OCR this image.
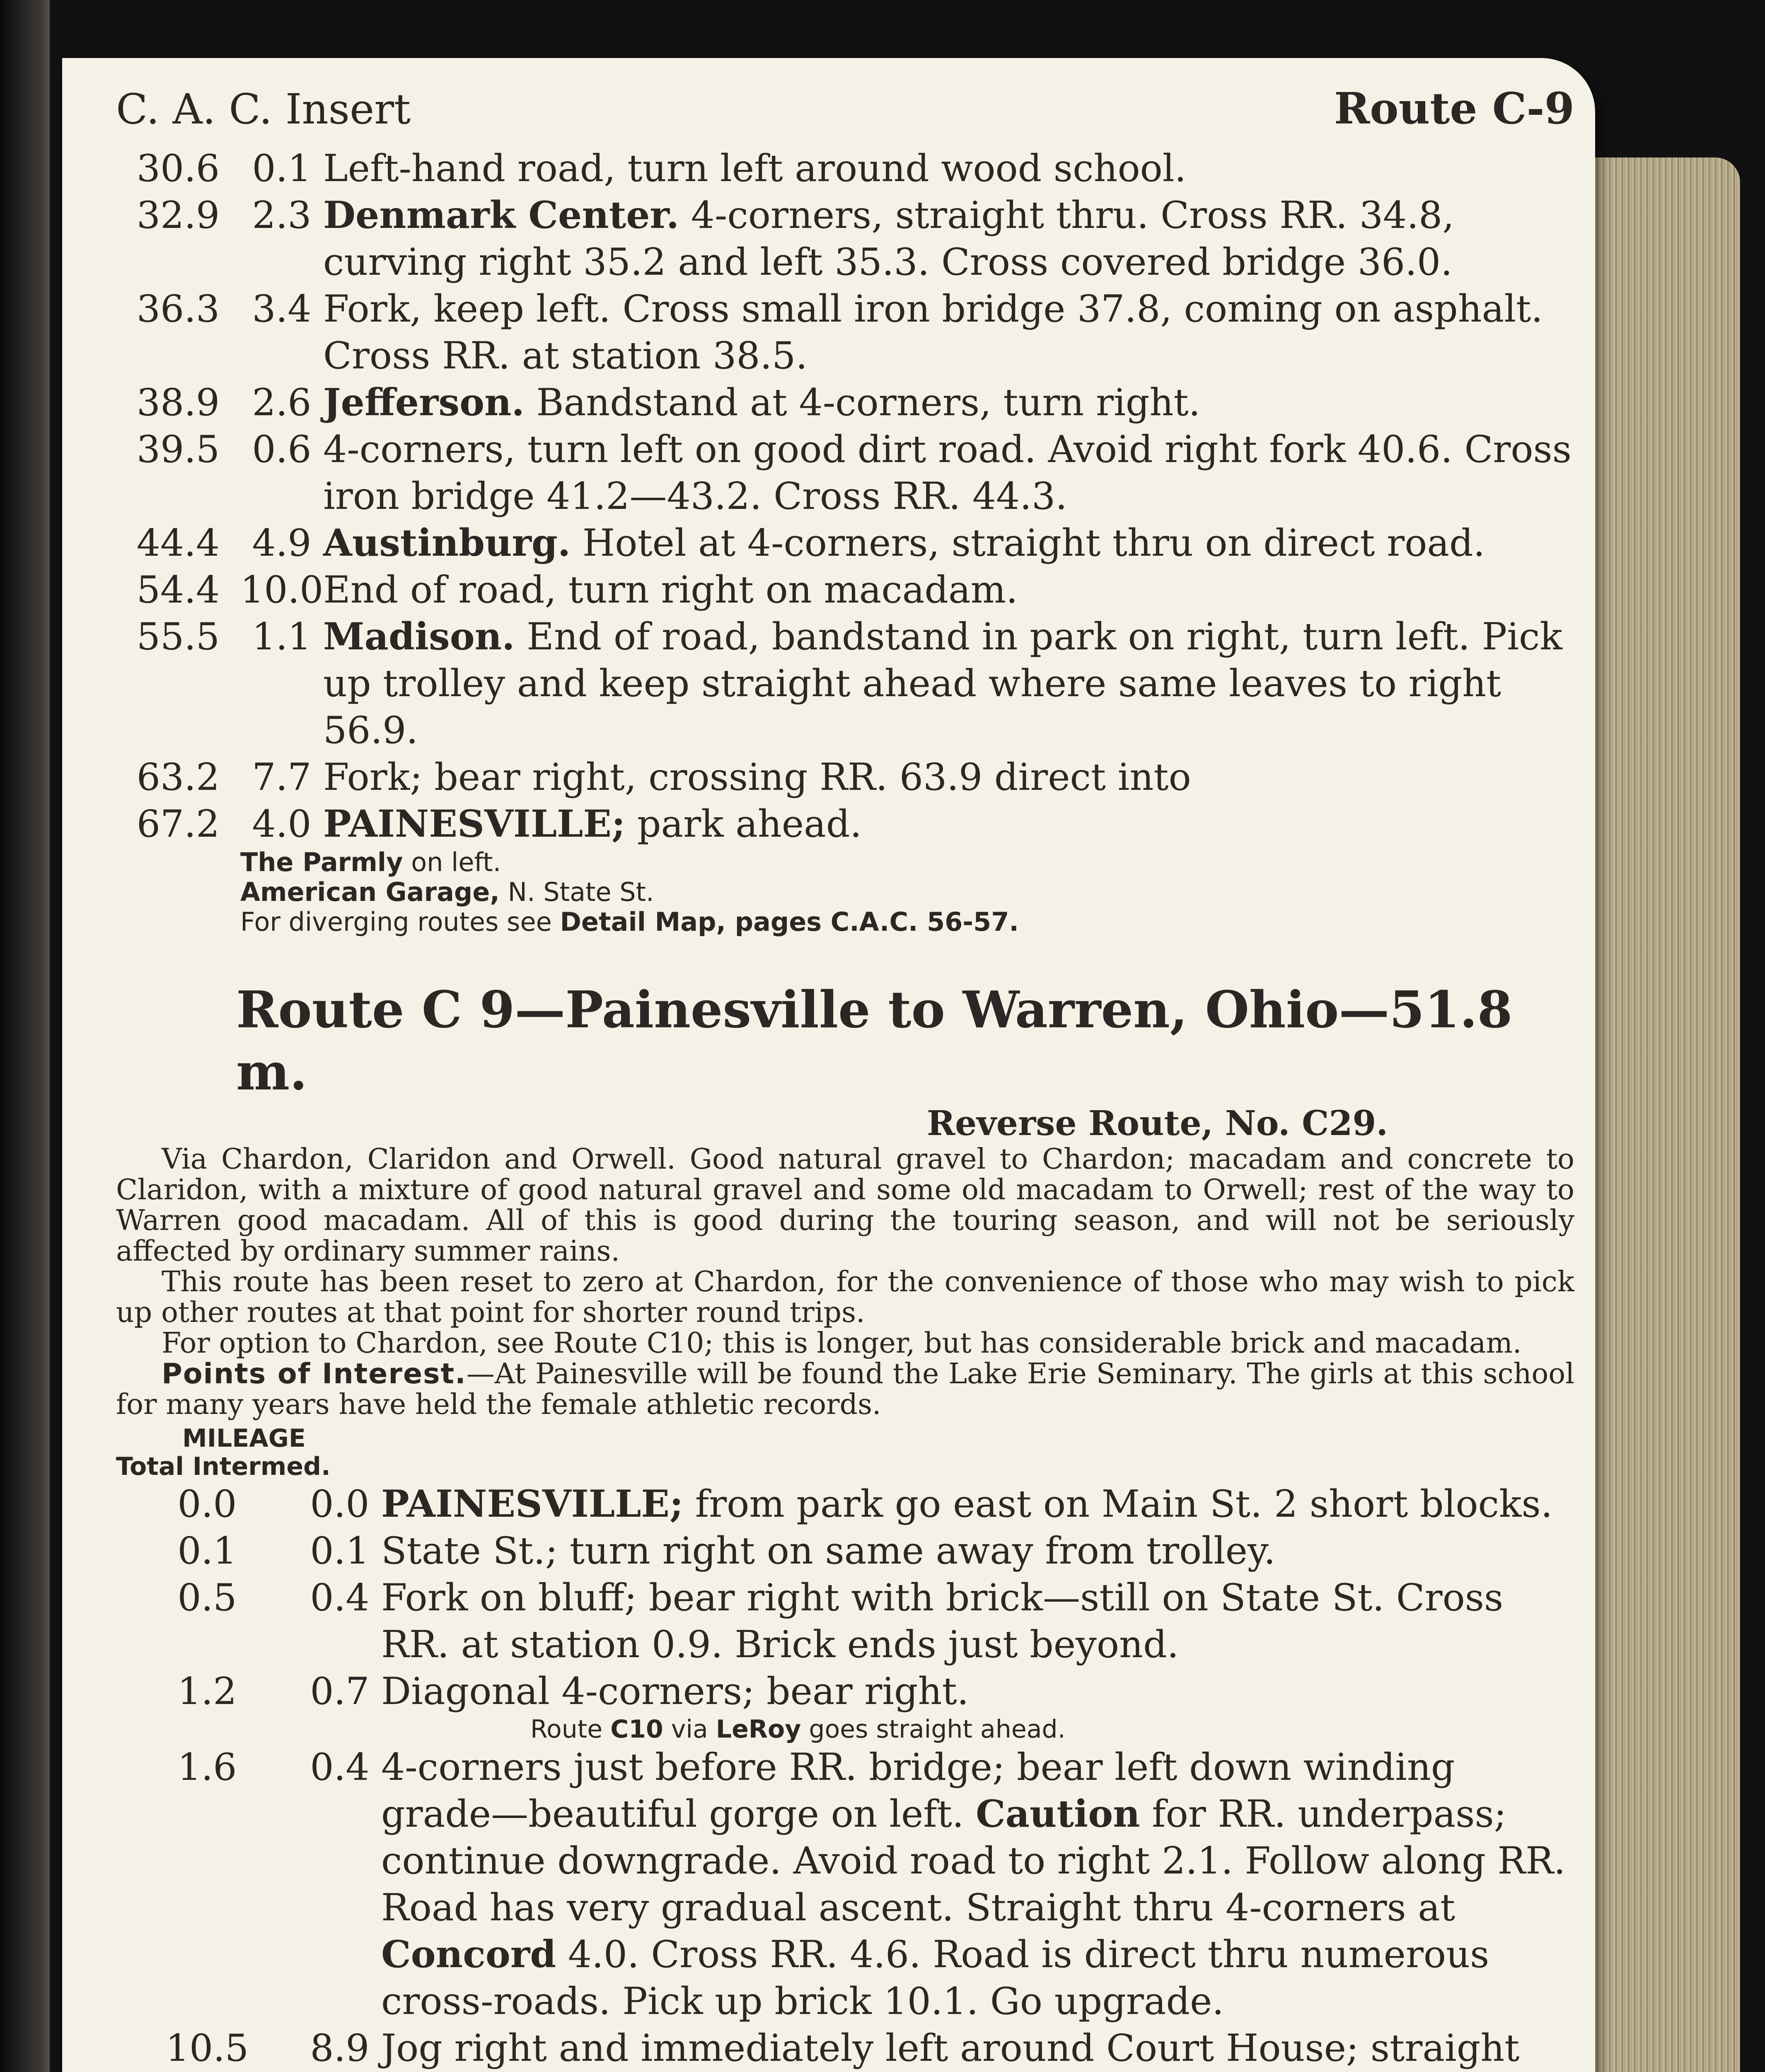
C. A. C. Insert	Route C-9
30.6 0.1 Left-hand road, turn left around wood school.
32.9 2.3 Denmark Center. 4-corners, straight thru. Cross RR. 34.8, curving right 35.2 and left 35.3. Cross covered bridge 36.0.
36.3 3.4 Fork, keep left. Cross small iron bridge 37.8, coming on asphalt. Cross RR. at station 38.5.
38.9 2.6 Jefferson. Bandstand at 4-corners, turn right.
39.5 0.6 4-corners, turn left on good dirt road. Avoid right fork 40.6. Cross iron bridge 41.2—43.2. Cross RR. 44.3.
44.4 4.9 Austinburg. Hotel at 4-corners, straight thru on direct road.
54.4 10.0 End of road, turn right on macadam.
55.5 1.1 Madison. End of road, bandstand in park on right, turn left. Pick up trolley and keep straight ahead where same leaves to right 56.9.
63.2 7.7 Fork; bear right, crossing RR. 63.9 direct into
67.2 4.0 PAINESVILLE; park ahead.
The Parmly on left.
American Garage, N. State St.
For diverging routes see Detail Map, pages C.A.C. 56-57.
Route C 9—Painesville to Warren, Ohio—51.8 m.
Reverse Route, No. C29.

Via Chardon, Claridon and Orwell. Good natural gravel to Chardon; macadam and concrete to Claridon, with a mixture of good natural gravel and some old macadam to Orwell; rest of the way to Warren good macadam. All of this is good during the touring season, and will not be seriously affected by ordinary summer rains.

This route has been reset to zero at Chardon, for the convenience of those who may wish to pick up other routes at that point for shorter round trips.

For option to Chardon, see Route C10; this is longer, but has considerable brick and macadam.

Points of Interest.—At Painesville will be found the Lake Erie Seminary. The girls at this school for many years have held the female athletic records.

MILEAGE
Total Intermed.
0.0	0.0 PAINESVILLE; from park go east on Main St. 2 short blocks.
0.1	0.1 State St.; turn right on same away from trolley.
0.5	0.4 Fork on bluff; bear right with brick—still on State St. Cross RR. at station 0.9. Brick ends just beyond.
1.2	0.7 Diagonal 4-corners; bear right.
Route C10 via LeRoy goes straight ahead.
1.6	0.4 4-corners just before RR. bridge; bear left down winding grade—beautiful gorge on left. Caution for RR. underpass; continue downgrade. Avoid road to right 2.1. Follow along RR. Road has very gradual ascent. Straight thru 4-corners at Concord 4.0. Cross RR. 4.6. Road is direct thru numerous cross-roads. Pick up brick 10.1. Go upgrade.
10.5	8.9 Jog right and immediately left around Court House; straight
